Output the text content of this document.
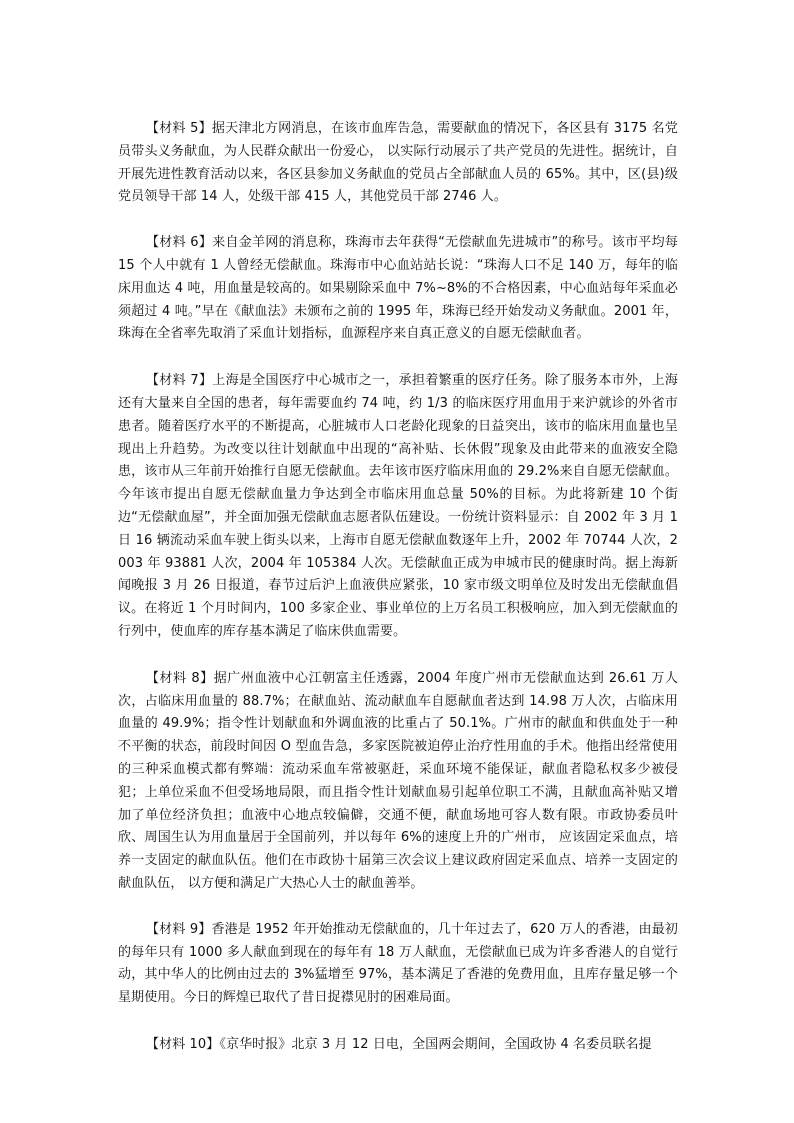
【材料 5】据天津北方网消息，在该市血库告急，需要献血的情况下，各区县有 3175 名党员带头义务献血，为人民群众献出一份爱心， 以实际行动展示了共产党员的先进性。据统计，自开展先进性教育活动以来，各区县参加义务献血的党员占全部献血人员的 65%。其中，区(县)级党员领导干部 14 人，处级干部 415 人，其他党员干部 2746 人。

【材料 6】来自金羊网的消息称，珠海市去年获得“无偿献血先进城市”的称号。该市平均每 15 个人中就有 1 人曾经无偿献血。珠海市中心血站站长说：“珠海人口不足 140 万，每年的临床用血达 4 吨，用血量是较高的。如果剔除采血中 7%~8%的不合格因素，中心血站每年采血必须超过 4 吨。”早在《献血法》未颁布之前的 1995 年，珠海已经开始发动义务献血。2001 年，珠海在全省率先取消了采血计划指标，血源程序来自真正意义的自愿无偿献血者。

【材料 7】上海是全国医疗中心城市之一，承担着繁重的医疗任务。除了服务本市外，上海还有大量来自全国的患者，每年需要血约 74 吨，约 1/3 的临床医疗用血用于来沪就诊的外省市患者。随着医疗水平的不断提高，心脏城市人口老龄化现象的日益突出，该市的临床用血量也呈现出上升趋势。为改变以往计划献血中出现的“高补贴、长休假”现象及由此带来的血液安全隐患，该市从三年前开始推行自愿无偿献血。去年该市医疗临床用血的 29.2%来自自愿无偿献血。今年该市提出自愿无偿献血量力争达到全市临床用血总量 50%的目标。为此将新建 10 个街边“无偿献血屋”，并全面加强无偿献血志愿者队伍建设。一份统计资料显示：自 2002 年 3 月 1 日 16 辆流动采血车驶上街头以来，上海市自愿无偿献血数逐年上升，2002 年 70744 人次，2003 年 93881 人次，2004 年 105384 人次。无偿献血正成为申城市民的健康时尚。据上海新闻晚报 3 月 26 日报道，春节过后沪上血液供应紧张，10 家市级文明单位及时发出无偿献血倡议。在将近 1 个月时间内，100 多家企业、事业单位的上万名员工积极响应，加入到无偿献血的行列中，使血库的库存基本满足了临床供血需要。

【材料 8】据广州血液中心江朝富主任透露，2004 年度广州市无偿献血达到 26.61 万人次，占临床用血量的 88.7%；在献血站、流动献血车自愿献血者达到 14.98 万人次，占临床用血量的 49.9%；指令性计划献血和外调血液的比重占了 50.1%。广州市的献血和供血处于一种不平衡的状态，前段时间因 O 型血告急，多家医院被迫停止治疗性用血的手术。他指出经常使用的三种采血模式都有弊端：流动采血车常被驱赶，采血环境不能保证，献血者隐私权多少被侵犯；上单位采血不但受场地局限，而且指令性计划献血易引起单位职工不满，且献血高补贴又增加了单位经济负担；血液中心地点较偏僻，交通不便，献血场地可容人数有限。市政协委员叶欣、周国生认为用血量居于全国前列，并以每年 6%的速度上升的广州市， 应该固定采血点，培养一支固定的献血队伍。他们在市政协十届第三次会议上建议政府固定采血点、培养一支固定的献血队伍， 以方便和满足广大热心人士的献血善举。

【材料 9】香港是 1952 年开始推动无偿献血的，几十年过去了，620 万人的香港，由最初的每年只有 1000 多人献血到现在的每年有 18 万人献血，无偿献血已成为许多香港人的自觉行动，其中华人的比例由过去的 3%猛增至 97%，基本满足了香港的免费用血，且库存量足够一个星期使用。今日的辉煌已取代了昔日捉襟见肘的困难局面。

【材料 10】《京华时报》北京 3 月 12 日电，全国两会期间，全国政协 4 名委员联名提
